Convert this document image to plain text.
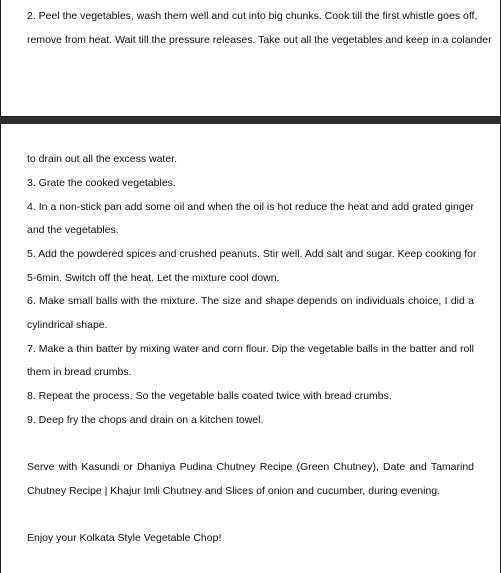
2. Peel the vegetables, wash them well and cut into big chunks. Cook till the first whistle goes off,
remove from heat. Wait till the pressure releases. Take out all the vegetables and keep in a colander
to drain out all the excess water.
3. Grate the cooked vegetables.
4. In a non-stick pan add some oil and when the oil is hot reduce the heat and add grated ginger
and the vegetables.
5. Add the powdered spices and crushed peanuts. Stir well. Add salt and sugar. Keep cooking for
5-6min. Switch off the heat. Let the mixture cool down.
6. Make small balls with the mixture. The size and shape depends on individuals choice, I did a
cylindrical shape.
7. Make a thin batter by mixing water and corn flour. Dip the vegetable balls in the batter and roll
them in bread crumbs.
8. Repeat the process. So the vegetable balls coated twice with bread crumbs.
9. Deep fry the chops and drain on a kitchen towel.
Serve with Kasundi or Dhaniya Pudina Chutney Recipe (Green Chutney), Date and Tamarind
Chutney Recipe | Khajur Imli Chutney and Slices of onion and cucumber, during evening.
Enjoy your Kolkata Style Vegetable Chop!
